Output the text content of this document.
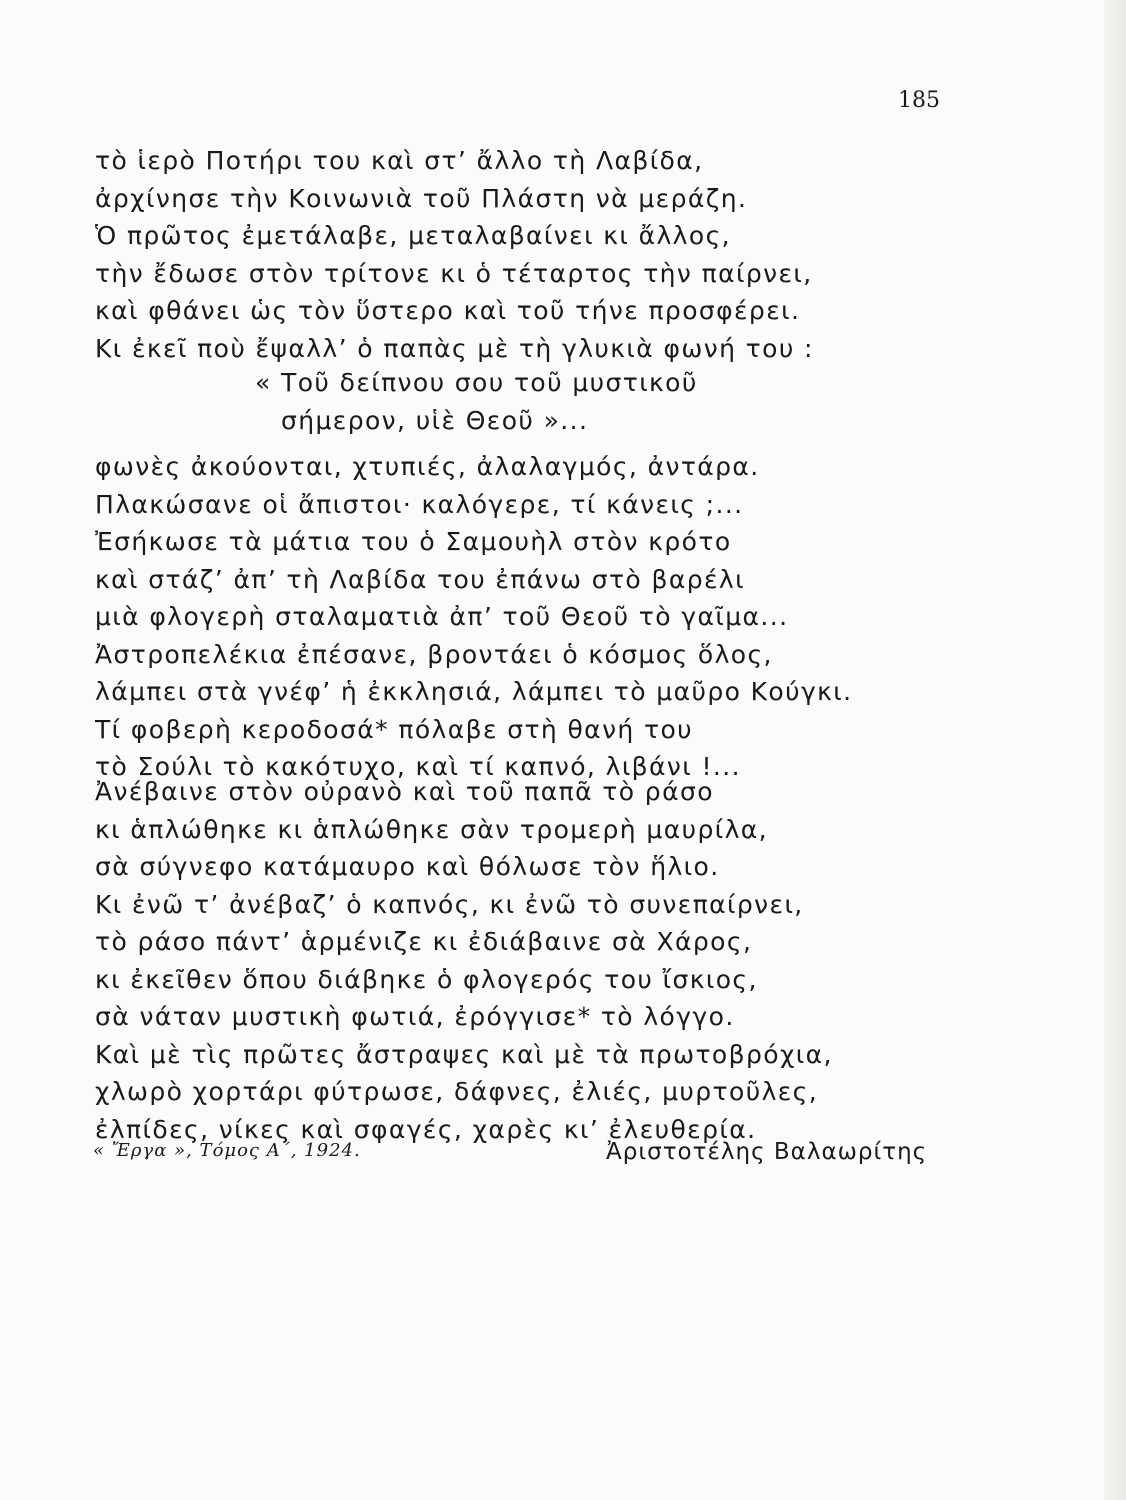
185
τὸ ἱερὸ Ποτήρι του καὶ στ’ ἄλλο τὴ Λαβίδα,
ἀρχίνησε τὴν Κοινωνιὰ τοῦ Πλάστη νὰ μεράζη.
Ὁ πρῶτος ἐμετάλαβε, μεταλαβαίνει κι ἄλλος,
τὴν ἔδωσε στὸν τρίτονε κι ὁ τέταρτος τὴν παίρνει,
καὶ φθάνει ὡς τὸν ὕστερο καὶ τοῦ τήνε προσφέρει.
Κι ἐκεῖ ποὺ ἔψαλλ’ ὁ παπὰς μὲ τὴ γλυκιὰ φωνή του :
« Τοῦ δείπνου σου τοῦ μυστικοῦ
σήμερον, υἱὲ Θεοῦ »...
φωνὲς ἀκούονται, χτυπιές, ἀλαλαγμός, ἀντάρα.
Πλακώσανε οἱ ἄπιστοι· καλόγερε, τί κάνεις ;...
Ἐσήκωσε τὰ μάτια του ὁ Σαμουὴλ στὸν κρότο
καὶ στάζ’ ἀπ’ τὴ Λαβίδα του ἐπάνω στὸ βαρέλι
μιὰ φλογερὴ σταλαματιὰ ἀπ’ τοῦ Θεοῦ τὸ γαῖμα...
Ἀστροπελέκια ἐπέσανε, βροντάει ὁ κόσμος ὅλος,
λάμπει στὰ γνέφ’ ἡ ἐκκλησιά, λάμπει τὸ μαῦρο Κούγκι.
Τί φοβερὴ κεροδοσά* πόλαβε στὴ θανή του
τὸ Σούλι τὸ κακότυχο, καὶ τί καπνό, λιβάνι !...
Ἀνέβαινε στὸν οὐρανὸ καὶ τοῦ παπᾶ τὸ ράσο
κι ἁπλώθηκε κι ἁπλώθηκε σὰν τρομερὴ μαυρίλα,
σὰ σύγνεφο κατάμαυρο καὶ θόλωσε τὸν ἥλιο.
Κι ἐνῶ τ’ ἀνέβαζ’ ὁ καπνός, κι ἐνῶ τὸ συνεπαίρνει,
τὸ ράσο πάντ’ ἁρμένιζε κι ἐδιάβαινε σὰ Χάρος,
κι ἐκεῖθεν ὅπου διάβηκε ὁ φλογερός του ἴσκιος,
σὰ νάταν μυστικὴ φωτιά, ἐρόγγισε* τὸ λόγγο.
Καὶ μὲ τὶς πρῶτες ἄστραψες καὶ μὲ τὰ πρωτοβρόχια,
χλωρὸ χορτάρι φύτρωσε, δάφνες, ἐλιές, μυρτοῦλες,
ἐλπίδες, νίκες καὶ σφαγές, χαρὲς κι’ ἐλευθερία.
« Ἔργα », Τόμος Α΄, 1924.	Ἀριστοτέλης Βαλαωρίτης
